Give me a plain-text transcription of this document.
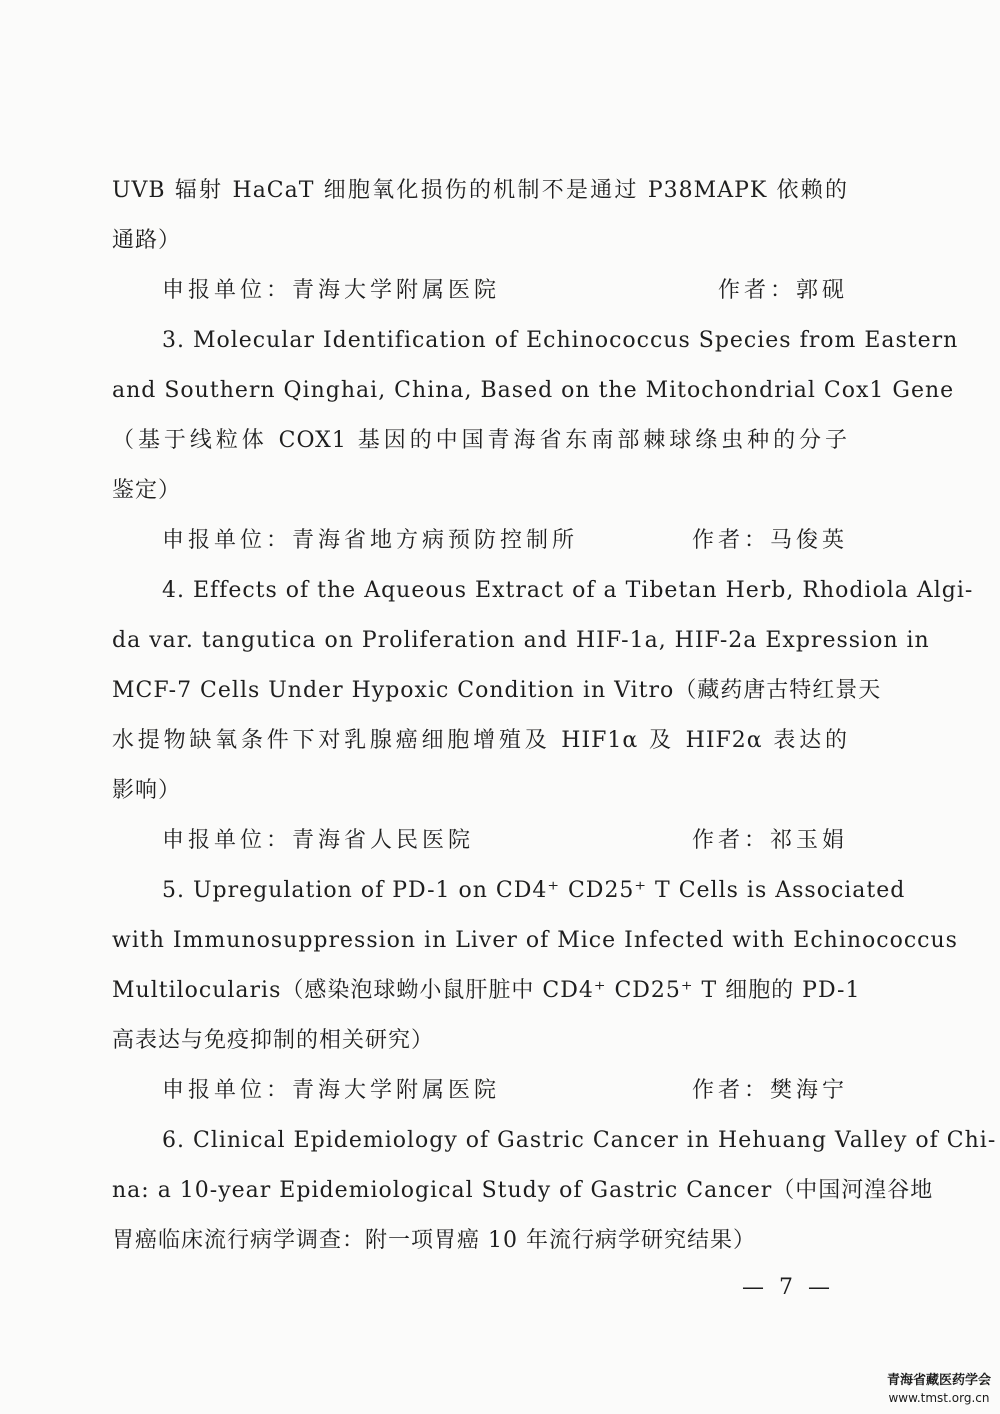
UVB 辐射 HaCaT 细胞氧化损伤的机制不是通过 P38MAPK 依赖的
通路）
申报单位：青海大学附属医院	作者：郭砚
3. Molecular Identification of Echinococcus Species from Eastern
and Southern Qinghai, China, Based on the Mitochondrial Cox1 Gene
（基于线粒体 COX1 基因的中国青海省东南部棘球绦虫种的分子
鉴定）
申报单位：青海省地方病预防控制所	作者：马俊英
4. Effects of the Aqueous Extract of a Tibetan Herb, Rhodiola Algi-
da var. tangutica on Proliferation and HIF-1a, HIF-2a Expression in
MCF-7 Cells Under Hypoxic Condition in Vitro（藏药唐古特红景天
水提物缺氧条件下对乳腺癌细胞增殖及 HIF1α 及 HIF2α 表达的
影响）
申报单位：青海省人民医院	作者：祁玉娟
5. Upregulation of PD-1 on CD4⁺ CD25⁺ T Cells is Associated
with Immunosuppression in Liver of Mice Infected with Echinococcus
Multilocularis（感染泡球蚴小鼠肝脏中 CD4⁺ CD25⁺ T 细胞的 PD-1
高表达与免疫抑制的相关研究）
申报单位：青海大学附属医院	作者：樊海宁
6. Clinical Epidemiology of Gastric Cancer in Hehuang Valley of Chi-
na: a 10-year Epidemiological Study of Gastric Cancer（中国河湟谷地
胃癌临床流行病学调查：附一项胃癌 10 年流行病学研究结果）
— 7 —
青海省藏医药学会
www.tmst.org.cn
